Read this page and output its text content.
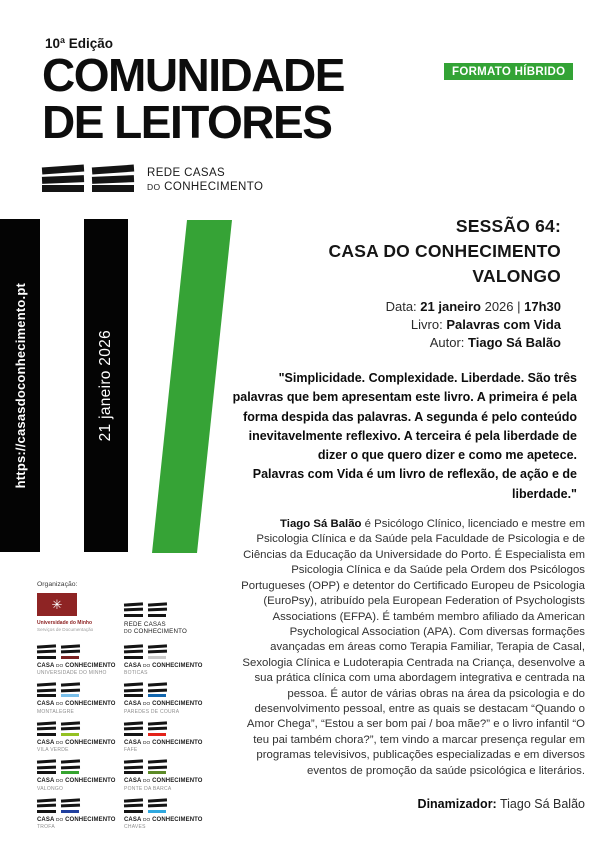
10ª Edição
COMUNIDADE
DE LEITORES
FORMATO HÍBRIDO
REDE CASAS
DO CONHECIMENTO
https://casasdoconhecimento.pt	21 janeiro 2026
SESSÃO 64:
CASA DO CONHECIMENTO
VALONGO
Data: 21 janeiro 2026 | 17h30
Livro: Palavras com Vida
Autor: Tiago Sá Balão
"Simplicidade. Complexidade. Liberdade. São três palavras que bem apresentam este livro. A primeira é pela forma despida das palavras. A segunda é pelo conteúdo inevitavelmente reflexivo. A terceira é pela liberdade de dizer o que quero dizer e como me apetece.
Palavras com Vida é um livro de reflexão, de ação e de liberdade."
Tiago Sá Balão é Psicólogo Clínico, licenciado e mestre em Psicologia Clínica e da Saúde pela Faculdade de Psicologia e de Ciências da Educação da Universidade do Porto. É Especialista em Psicologia Clínica e da Saúde pela Ordem dos Psicólogos Portugueses (OPP) e detentor do Certificado Europeu de Psicologia (EuroPsy), atribuído pela European Federation of Psychologists Associations (EFPA). É também membro afiliado da American Psychological Association (APA). Com diversas formações avançadas em áreas como Terapia Familiar, Terapia de Casal, Sexologia Clínica e Ludoterapia Centrada na Criança, desenvolve a sua prática clínica com uma abordagem integrativa e centrada na pessoa. É autor de várias obras na área da psicologia e do desenvolvimento pessoal, entre as quais se destacam “Quando o Amor Chega”, “Estou a ser bom pai / boa mãe?” e o livro infantil “O teu pai também chora?”, tem vindo a marcar presença regular em programas televisivos, publicações especializadas e em diversos eventos de promoção da saúde psicológica e literários.
Dinamizador: Tiago Sá Balão
Organização:
✳
Universidade do Minho
Serviços de Documentação
REDE CASAS
DO CONHECIMENTO
CASA DO CONHECIMENTO
UNIVERSIDADE DO MINHO
CASA DO CONHECIMENTO
BOTICAS
CASA DO CONHECIMENTO
MONTALEGRE
CASA DO CONHECIMENTO
PAREDES DE COURA
CASA DO CONHECIMENTO
VILA VERDE
CASA DO CONHECIMENTO
FAFE
CASA DO CONHECIMENTO
VALONGO
CASA DO CONHECIMENTO
PONTE DA BARCA
CASA DO CONHECIMENTO
TROFA
CASA DO CONHECIMENTO
CHAVES
